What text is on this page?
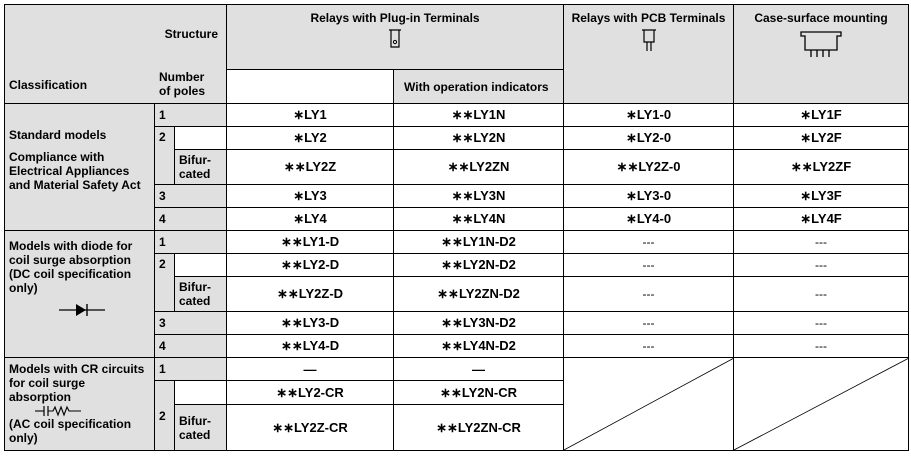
Structure
Classification
Number
of poles			Relays with Plug-in Terminals		Relays with PCB Terminals	Case-surface mounting

				With operation indicators		
Standard models
Compliance with
Electrical Appliances
and Material Safety Act	1		∗LY1	∗∗LY1N	∗LY1-0	∗LY1F
	2		∗LY2	∗∗LY2N	∗LY2-0	∗LY2F
		Bifur-
cated	∗∗LY2Z	∗∗LY2ZN	∗∗LY2Z-0	∗∗LY2ZF
	3		∗LY3	∗∗LY3N	∗LY3-0	∗LY3F
	4		∗LY4	∗∗LY4N	∗LY4-0	∗LY4F
Models with diode for
coil surge absorption
(DC coil specification
only)	1		∗∗LY1-D	∗∗LY1N-D2	---	---
	2		∗∗LY2-D	∗∗LY2N-D2	---	---
		Bifur-
cated	∗∗LY2Z-D	∗∗LY2ZN-D2	---	---
	3		∗∗LY3-D	∗∗LY3N-D2	---	---
	4		∗∗LY4-D	∗∗LY4N-D2	---	---
Models with CR circuits
for coil surge
absorption
(AC coil specification
only)	1		—	—	

	2		∗∗LY2-CR	∗∗LY2N-CR		
		Bifur-
cated	∗∗LY2Z-CR	∗∗LY2ZN-CR		
